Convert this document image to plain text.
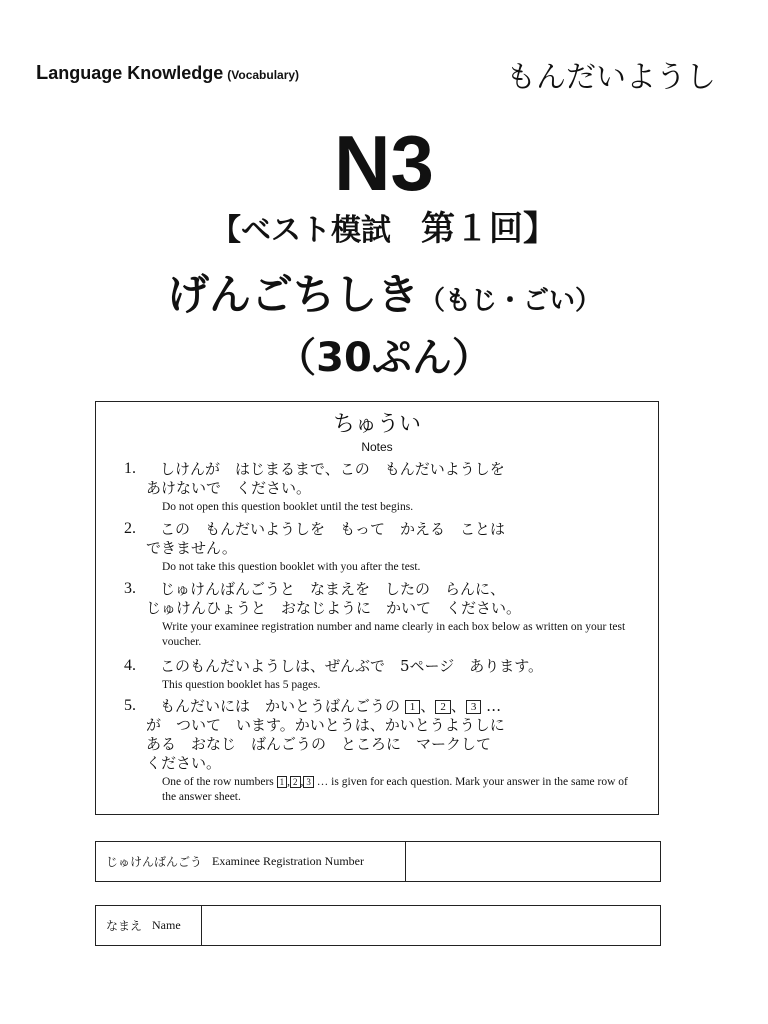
Language Knowledge (Vocabulary)	もんだいようし
N3
【ベスト模試　第１回】
げんごちしき（もじ・ごい）
（30ぷん）
ちゅうい
Notes
1. しけんが　はじまるまで、この　もんだいようしを
あけないで　ください。
Do not open this question booklet until the test begins.
2. この　もんだいようしを　もって　かえる　ことは
できません。
Do not take this question booklet with you after the test.
3. じゅけんばんごうと　なまえを　したの　らんに、
じゅけんひょうと　おなじように　かいて　ください。
Write your examinee registration number and name clearly in each box below as written on your test voucher.
4. このもんだいようしは、ぜんぶで　5ページ　あります。
This question booklet has 5 pages.
5. もんだいには　かいとうばんごうの 1 、 2 、 3 …
が　ついて　います。かいとうは、かいとうようしに
ある　おなじ　ばんごうの　ところに　マークして
ください。
One of the row numbers 1 , 2 , 3 … is given for each question. Mark your answer in the same row of the answer sheet.
じゅけんばんごう Examinee Registration Number
なまえ Name
